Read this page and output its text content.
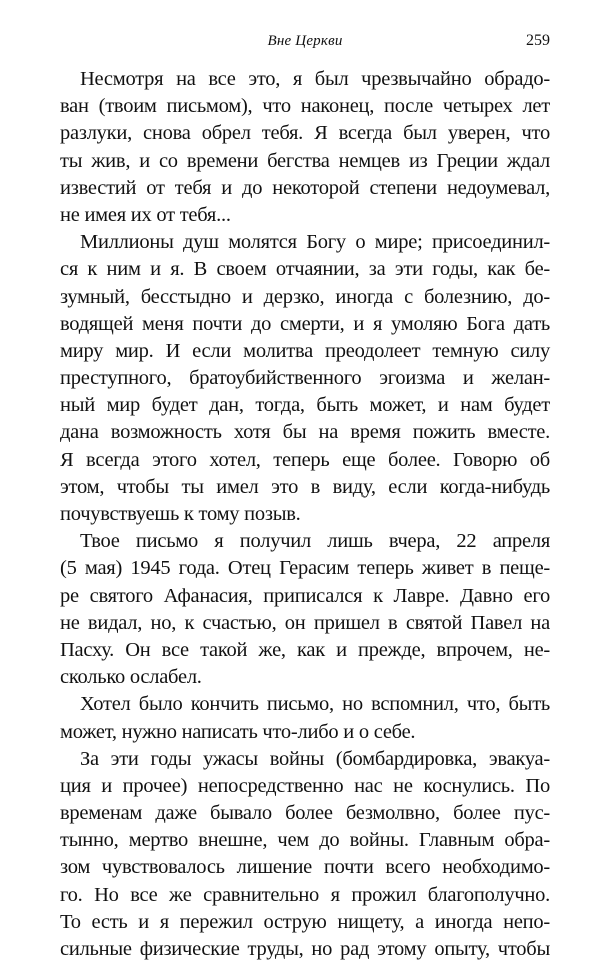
Вне Церкви	259
Несмотря на все это, я был чрезвычайно обрадо-
ван (твоим письмом), что наконец, после четырех лет
разлуки, снова обрел тебя. Я всегда был уверен, что
ты жив, и со времени бегства немцев из Греции ждал
известий от тебя и до некоторой степени недоумевал,
не имея их от тебя...
Миллионы душ молятся Богу о мире; присоединил-
ся к ним и я. В своем отчаянии, за эти годы, как бе-
зумный, бесстыдно и дерзко, иногда с болезнию, до-
водящей меня почти до смерти, и я умоляю Бога дать
миру мир. И если молитва преодолеет темную силу
преступного, братоубийственного эгоизма и желан-
ный мир будет дан, тогда, быть может, и нам будет
дана возможность хотя бы на время пожить вместе.
Я всегда этого хотел, теперь еще более. Говорю об
этом, чтобы ты имел это в виду, если когда-нибудь
почувствуешь к тому позыв.
Твое письмо я получил лишь вчера, 22 апреля
(5 мая) 1945 года. Отец Герасим теперь живет в пеще-
ре святого Афанасия, приписался к Лавре. Давно его
не видал, но, к счастью, он пришел в святой Павел на
Пасху. Он все такой же, как и прежде, впрочем, не-
сколько ослабел.
Хотел было кончить письмо, но вспомнил, что, быть
может, нужно написать что-либо и о себе.
За эти годы ужасы войны (бомбардировка, эвакуа-
ция и прочее) непосредственно нас не коснулись. По
временам даже бывало более безмолвно, более пус-
тынно, мертво внешне, чем до войны. Главным обра-
зом чувствовалось лишение почти всего необходимо-
го. Но все же сравнительно я прожил благополучно.
То есть и я пережил острую нищету, а иногда непо-
сильные физические труды, но рад этому опыту, чтобы
